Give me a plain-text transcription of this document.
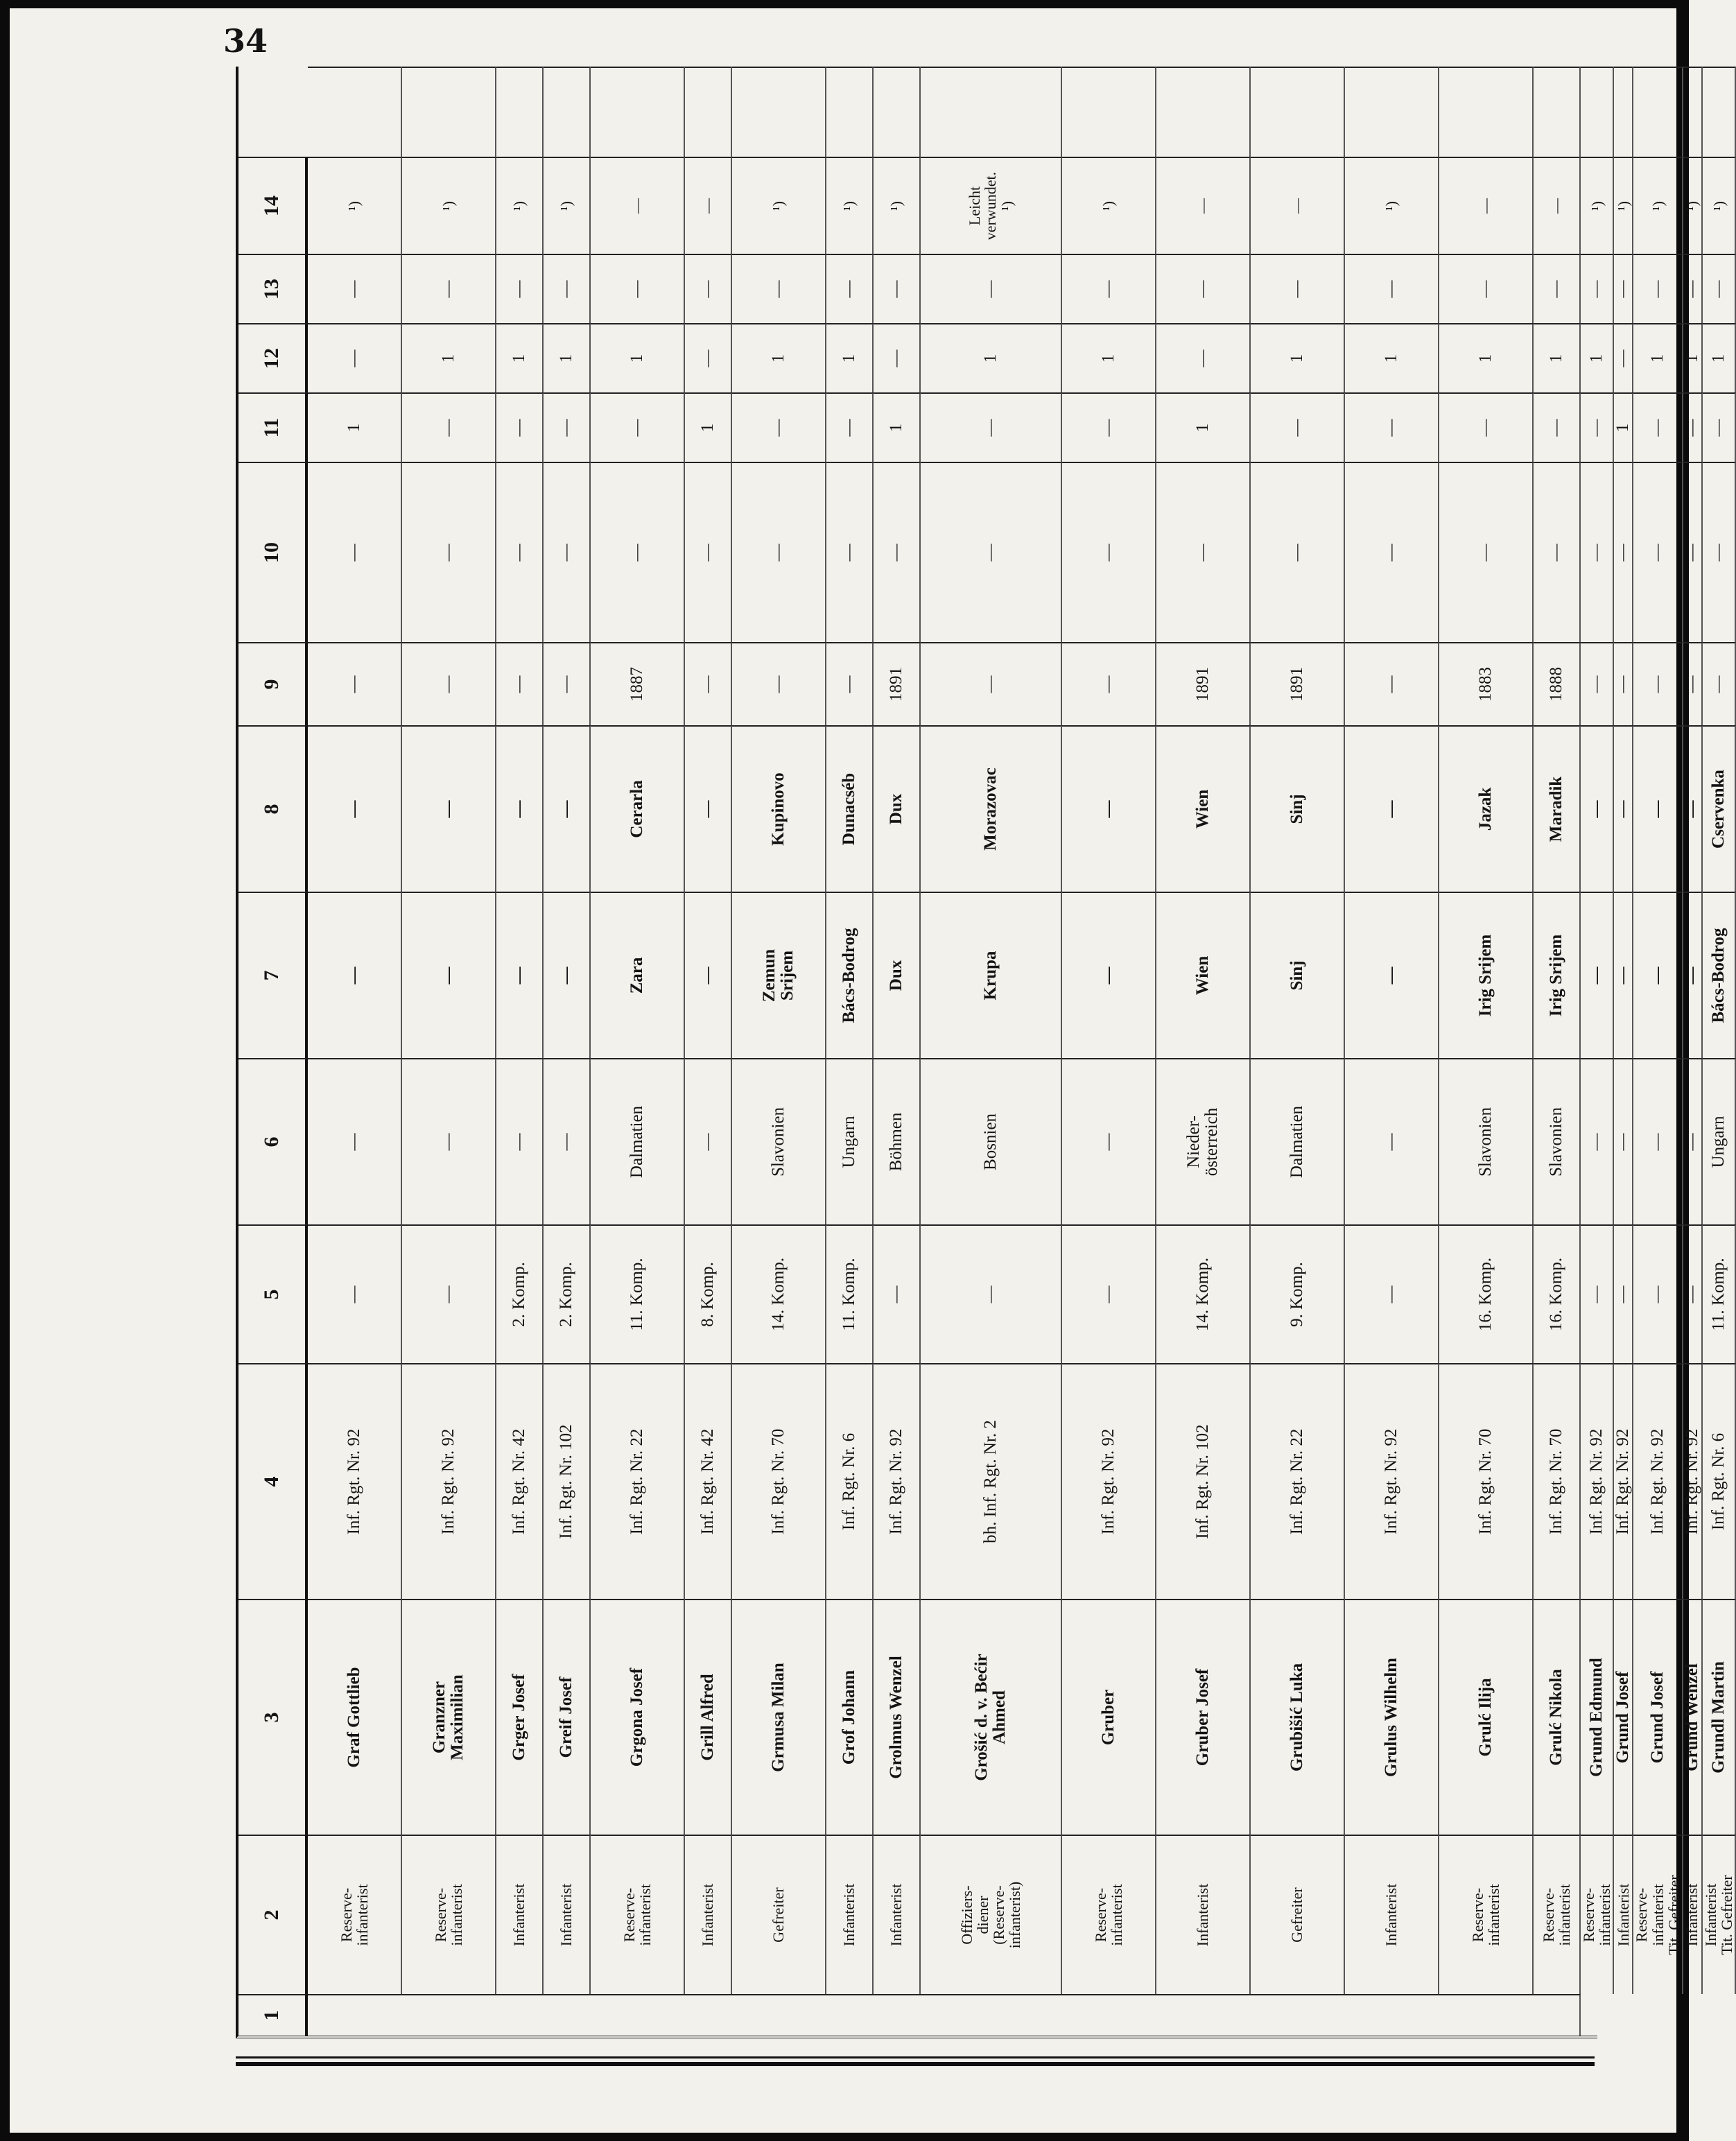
34
1
2
3
4
5
6
7
8
9
10
11
12
13
14
Reserve-
infanterist
Graf Gottlieb
Inf. Rgt. Nr. 92
—
—
—
—
—
—
1
—
—
¹)
Reserve-
infanterist
Granzner
Maximilian
Inf. Rgt. Nr. 92
—
—
—
—
—
—
—
1
—
¹)
Infanterist
Grger Josef
Inf. Rgt. Nr. 42
2. Komp.
—
—
—
—
—
—
1
—
¹)
Infanterist
Greif Josef
Inf. Rgt. Nr. 102
2. Komp.
—
—
—
—
—
—
1
—
¹)
Reserve-
infanterist
Grgona Josef
Inf. Rgt. Nr. 22
11. Komp.
Dalmatien
Zara
Cerarla
1887
—
—
1
—
—
Infanterist
Grill Alfred
Inf. Rgt. Nr. 42
8. Komp.
—
—
—
—
—
1
—
—
—
Gefreiter
Grmusa Milan
Inf. Rgt. Nr. 70
14. Komp.
Slavonien
Zemun
Srijem
Kupinovo
—
—
—
1
—
¹)
Infanterist
Grof Johann
Inf. Rgt. Nr. 6
11. Komp.
Ungarn
Bács-Bodrog
Dunacséb
—
—
—
1
—
¹)
Infanterist
Grolmus Wenzel
Inf. Rgt. Nr. 92
—
Böhmen
Dux
Dux
1891
—
1
—
—
¹)
Offiziers-
diener
(Reserve-
infanterist)
Grošić d. v. Bećir
Ahmed
bh. Inf. Rgt. Nr. 2
—
Bosnien
Krupa
Morazovac
—
—
—
1
—
Leicht
verwundet.
¹)
Reserve-
infanterist
Gruber
Inf. Rgt. Nr. 92
—
—
—
—
—
—
—
1
—
¹)
Infanterist
Gruber Josef
Inf. Rgt. Nr. 102
14. Komp.
Nieder-
österreich
Wien
Wien
1891
—
1
—
—
—
Gefreiter
Grubišić Luka
Inf. Rgt. Nr. 22
9. Komp.
Dalmatien
Sinj
Sinj
1891
—
—
1
—
—
Infanterist
Grulus Wilhelm
Inf. Rgt. Nr. 92
—
—
—
—
—
—
—
1
—
¹)
Reserve-
infanterist
Grulć Ilija
Inf. Rgt. Nr. 70
16. Komp.
Slavonien
Irig Srijem
Jazak
1883
—
—
1
—
—
Reserve-
infanterist
Grulć Nikola
Inf. Rgt. Nr. 70
16. Komp.
Slavonien
Irig Srijem
Maradik
1888
—
—
1
—
—
Reserve-
infanterist
Grund Edmund
Inf. Rgt. Nr. 92
—
—
—
—
—
—
—
1
—
¹)
Infanterist
Grund Josef
Inf. Rgt. Nr. 92
—
—
—
—
—
—
1
—
—
¹)
Reserve-
infanterist
Tit. Gefreiter
Grund Josef
Inf. Rgt. Nr. 92
—
—
—
—
—
—
—
1
—
¹)
Infanterist
Grund Wenzel
Inf. Rgt. Nr. 92
—
—
—
—
—
—
—
1
—
¹)
Infanterist
Tit. Gefreiter
Grundl Martin
Inf. Rgt. Nr. 6
11. Komp.
Ungarn
Bács-Bodrog
Cservenka
—
—
—
1
—
¹)
